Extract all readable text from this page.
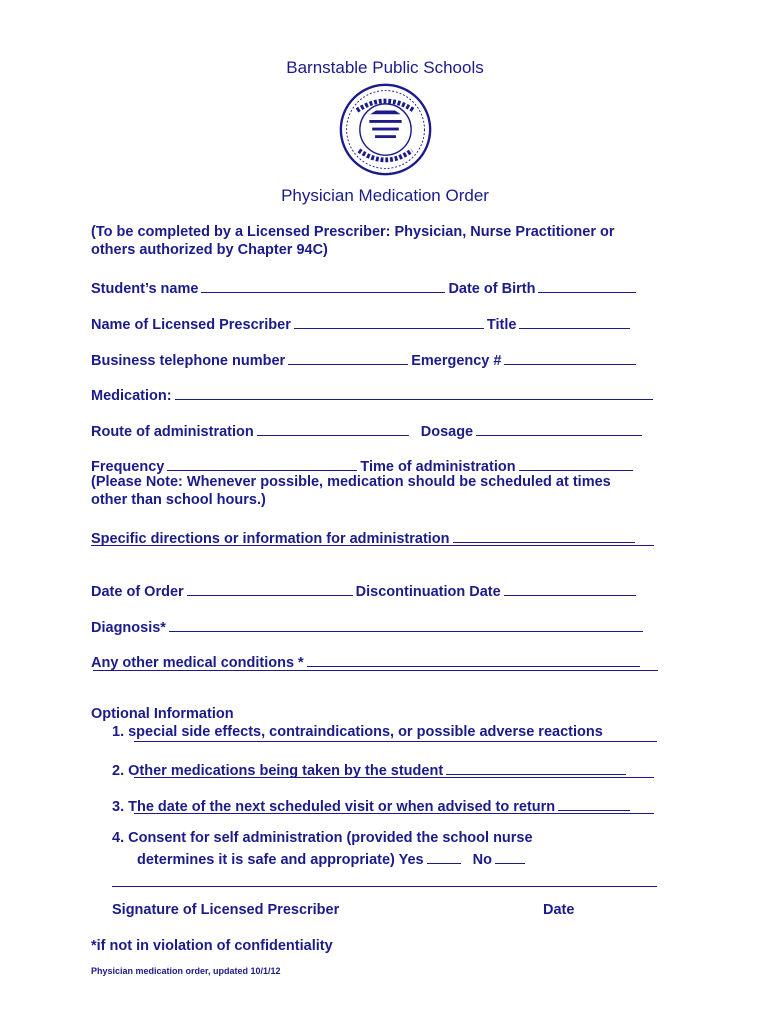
Barnstable Public Schools
Physician Medication Order
(To be completed by a Licensed Prescriber: Physician, Nurse Practitioner or
others authorized by Chapter 94C)
Student’s name	Date of Birth
Name of Licensed Prescriber	Title
Business telephone number	Emergency #
Medication:
Route of administration	Dosage
Frequency	Time of administration
(Please Note: Whenever possible, medication should be scheduled at times
other than school hours.)
Specific directions or information for administration
Date of Order	Discontinuation Date
Diagnosis*
Any other medical conditions *
Optional Information
1. special side effects, contraindications, or possible adverse reactions
2. Other medications being taken by the student
3. The date of the next scheduled visit or when advised to return
4. Consent for self administration (provided the school nurse
determines it is safe and appropriate) Yes	No
Signature of Licensed Prescriber	Date
*if not in violation of confidentiality
Physician medication order, updated 10/1/12
